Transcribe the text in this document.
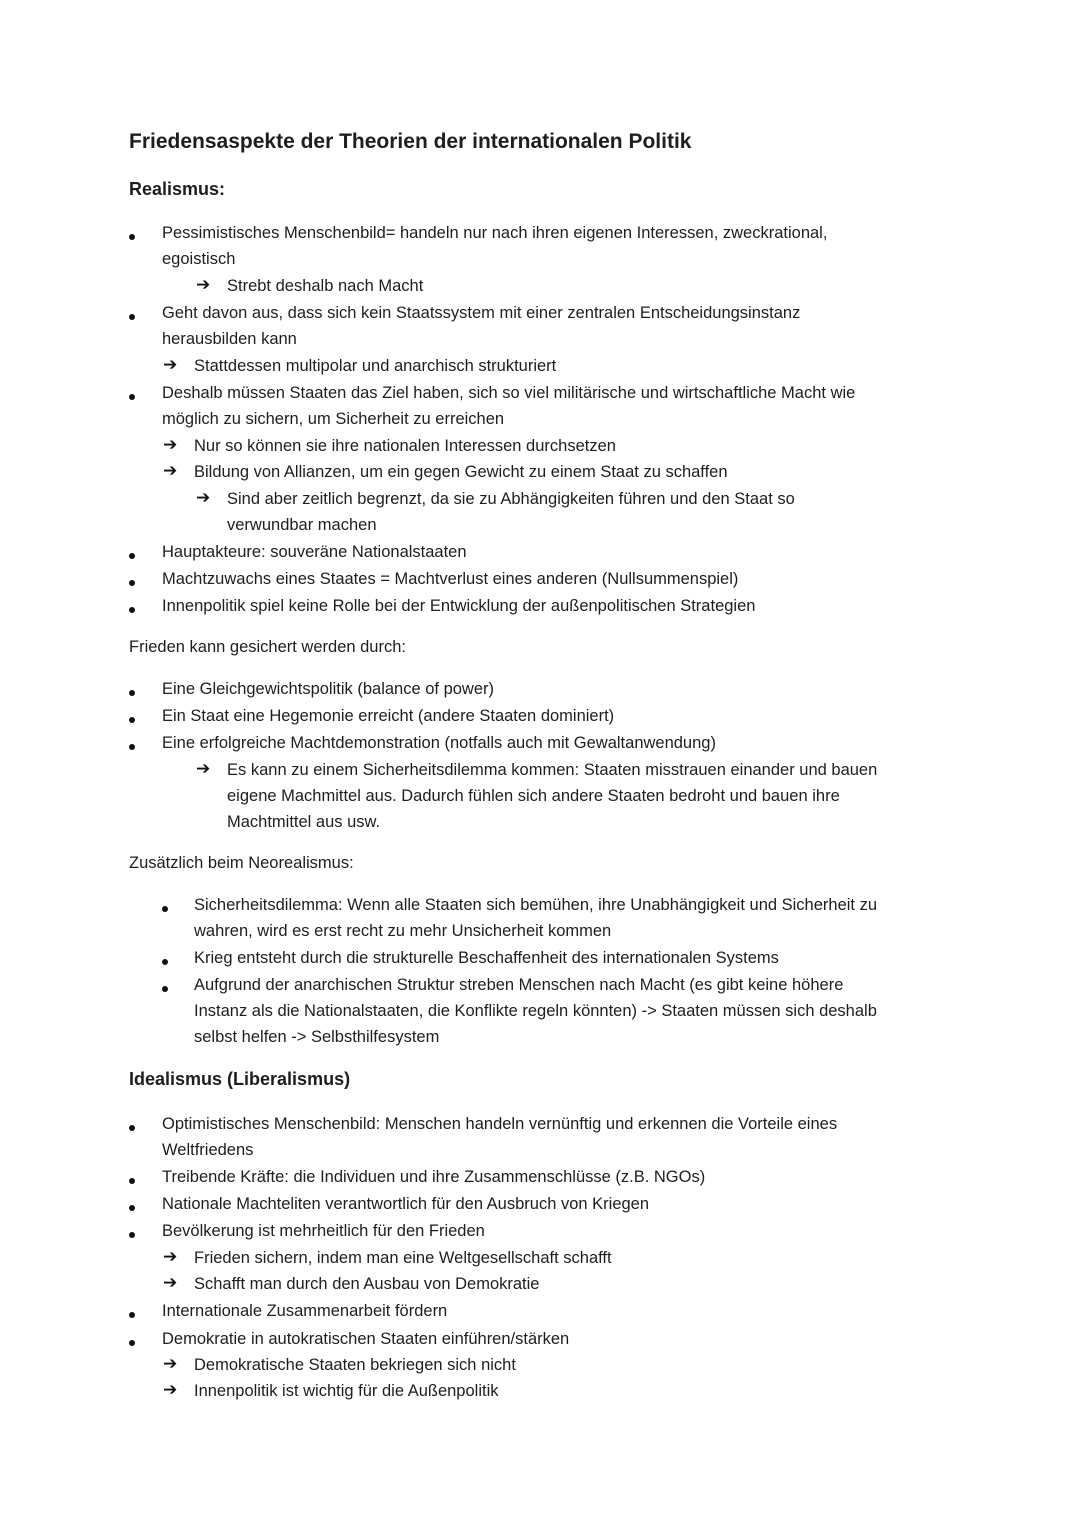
Friedensaspekte der Theorien der internationalen Politik
Realismus:
Pessimistisches Menschenbild= handeln nur nach ihren eigenen Interessen, zweckrational,
egoistisch
➔ Strebt deshalb nach Macht
Geht davon aus, dass sich kein Staatssystem mit einer zentralen Entscheidungsinstanz
herausbilden kann
➔ Stattdessen multipolar und anarchisch strukturiert
Deshalb müssen Staaten das Ziel haben, sich so viel militärische und wirtschaftliche Macht wie
möglich zu sichern, um Sicherheit zu erreichen
➔ Nur so können sie ihre nationalen Interessen durchsetzen
➔ Bildung von Allianzen, um ein gegen Gewicht zu einem Staat zu schaffen
➔ Sind aber zeitlich begrenzt, da sie zu Abhängigkeiten führen und den Staat so
verwundbar machen
Hauptakteure: souveräne Nationalstaaten
Machtzuwachs eines Staates = Machtverlust eines anderen (Nullsummenspiel)
Innenpolitik spiel keine Rolle bei der Entwicklung der außenpolitischen Strategien
Frieden kann gesichert werden durch:
Eine Gleichgewichtspolitik (balance of power)
Ein Staat eine Hegemonie erreicht (andere Staaten dominiert)
Eine erfolgreiche Machtdemonstration (notfalls auch mit Gewaltanwendung)
➔ Es kann zu einem Sicherheitsdilemma kommen: Staaten misstrauen einander und bauen
eigene Machmittel aus. Dadurch fühlen sich andere Staaten bedroht und bauen ihre
Machtmittel aus usw.
Zusätzlich beim Neorealismus:
Sicherheitsdilemma: Wenn alle Staaten sich bemühen, ihre Unabhängigkeit und Sicherheit zu
wahren, wird es erst recht zu mehr Unsicherheit kommen
Krieg entsteht durch die strukturelle Beschaffenheit des internationalen Systems
Aufgrund der anarchischen Struktur streben Menschen nach Macht (es gibt keine höhere
Instanz als die Nationalstaaten, die Konflikte regeln könnten) -> Staaten müssen sich deshalb
selbst helfen -> Selbsthilfesystem
Idealismus (Liberalismus)
Optimistisches Menschenbild: Menschen handeln vernünftig und erkennen die Vorteile eines
Weltfriedens
Treibende Kräfte: die Individuen und ihre Zusammenschlüsse (z.B. NGOs)
Nationale Machteliten verantwortlich für den Ausbruch von Kriegen
Bevölkerung ist mehrheitlich für den Frieden
➔ Frieden sichern, indem man eine Weltgesellschaft schafft
➔ Schafft man durch den Ausbau von Demokratie
Internationale Zusammenarbeit fördern
Demokratie in autokratischen Staaten einführen/stärken
➔ Demokratische Staaten bekriegen sich nicht
➔ Innenpolitik ist wichtig für die Außenpolitik
